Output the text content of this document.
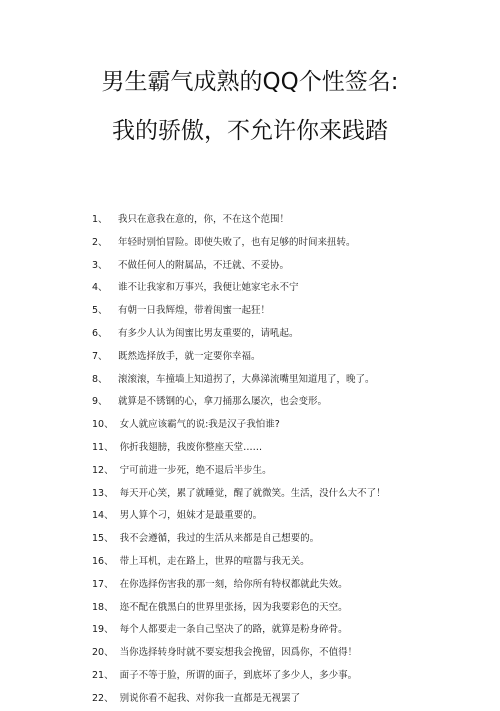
男生霸气成熟的QQ个性签名:
我的骄傲，不允许你来践踏
1、 我只在意我在意的，你，不在这个范围！
2、 年轻时别怕冒险。即使失败了，也有足够的时间来扭转。
3、 不做任何人的附属品，不迁就、不妥协。
4、 谁不让我家和万事兴，我便让她家宅永不宁
5、 有朝一日我辉煌，带着闺蜜一起狂！
6、 有多少人认为闺蜜比男友重要的，请吼起。
7、 既然选择放手，就一定要你幸福。
8、 滚滚滚，车撞墙上知道拐了，大鼻涕流嘴里知道甩了，晚了。
9、 就算是不锈钢的心，拿刀捅那么屡次，也会变形。
10、 女人就应该霸气的说:我是汉子我怕谁?
11、 你折我翅膀，我废你整座天堂……
12、 宁可前进一步死，绝不退后半步生。
13、 每天开心笑，累了就睡觉，醒了就微笑。生活，没什么大不了！
14、 男人算个刁，姐妹才是最重要的。
15、 我不会遵循，我过的生活从来都是自己想要的。
16、 带上耳机，走在路上，世界的喧嚣与我无关。
17、 在你选择伤害我的那一刻，给你所有特权都就此失效。
18、 迩不配在俄黑白的世界里张扬，因为我要彩色的天空。
19、 每个人都要走一条自己坚决了的路，就算是粉身碎骨。
20、 当你选择转身时就不要妄想我会挽留，因爲你，不值得！
21、 面子不等于脸，所谓的面子，到底坏了多少人，多少事。
22、 别说你看不起我、对你我一直都是无视罢了
